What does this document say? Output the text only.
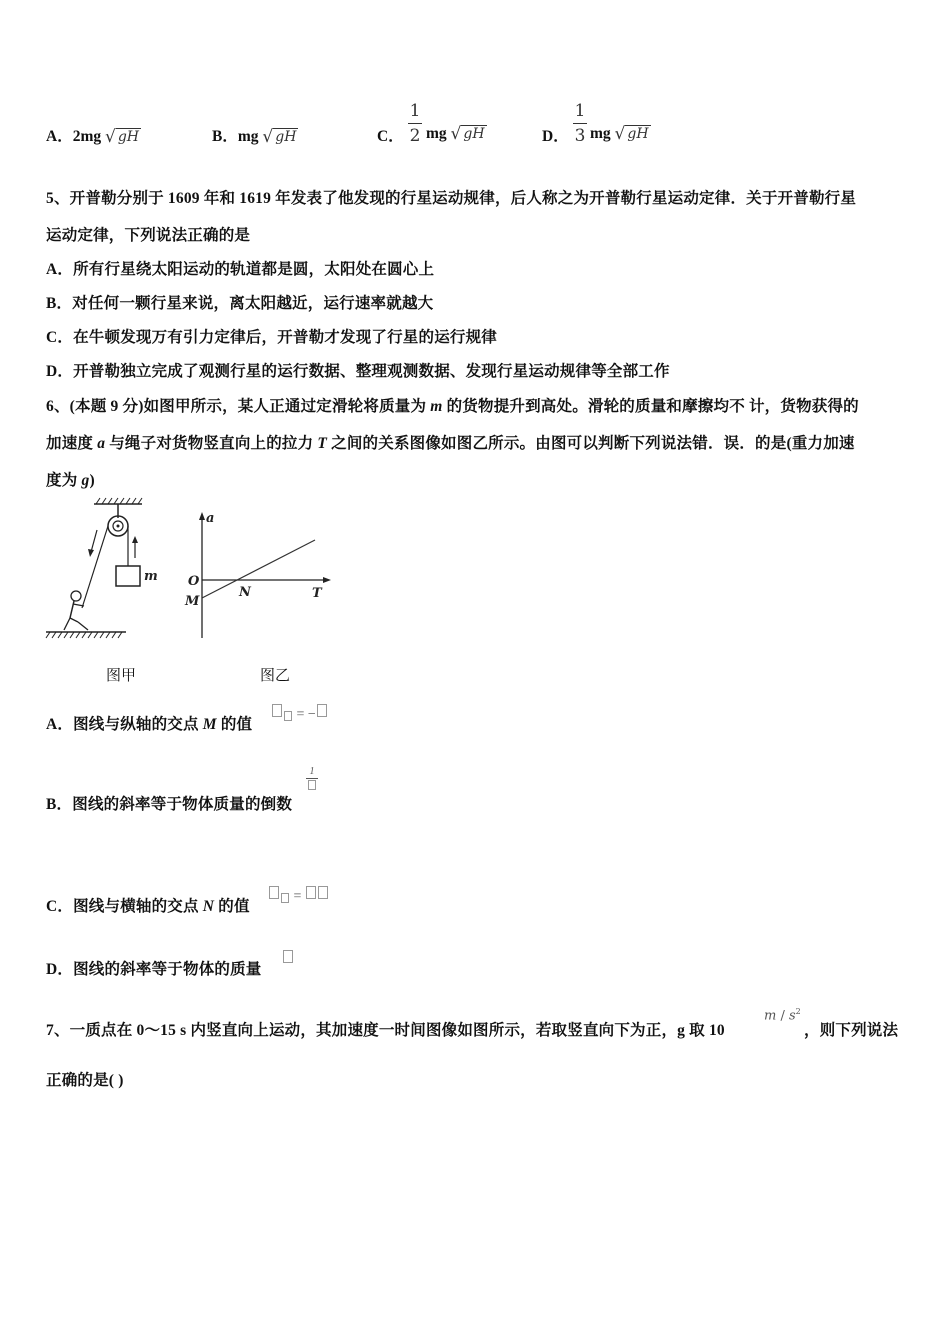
A．2mg √ gH	B．mg √ gH	C．
1
2 mg √ gH	D．
1
3 mg √ gH
5、开普勒分别于 1609 年和 1619 年发表了他发现的行星运动规律，后人称之为开普勒行星运动定律．关于开普勒行星
运动定律，下列说法正确的是
A．所有行星绕太阳运动的轨道都是圆，太阳处在圆心上
B．对任何一颗行星来说，离太阳越近，运行速率就越大
C．在牛顿发现万有引力定律后，开普勒才发现了行星的运行规律
D．开普勒独立完成了观测行星的运行数据、整理观测数据、发现行星运动规律等全部工作
6、(本题 9 分)如图甲所示，某人正通过定滑轮将质量为 m 的货物提升到高处。滑轮的质量和摩擦均不 计，货物获得的
加速度 a 与绳子对货物竖直向上的拉力 T 之间的关系图像如图乙所示。由图可以判断下列说法错．误．的是(重力加速
度为 g)
m
a
O
M
N	T
图甲	图乙
A．图线与纵轴的交点 M 的值
= −
B．图线的斜率等于物体质量的倒数
1
C．图线与横轴的交点 N 的值
=
D．图线的斜率等于物体的质量
7、一质点在 0～15 s 内竖直向上运动，其加速度一时间图像如图所示，若取竖直向下为正，g 取 10
m / $s^2$
，则下列说法
正确的是( )
